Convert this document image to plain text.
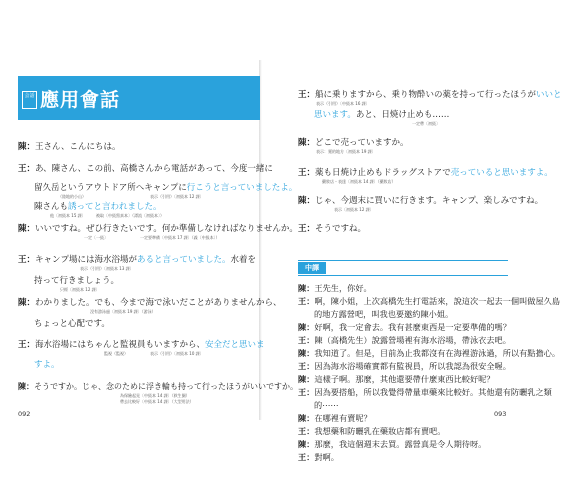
会話 應用會話
陳：王さん、こんにちは。
王：あ、陳さん、この前、高橋さんから電話があって、今度一緒に
留久岳というアウトドア所へキャンプに行こうと言っていましたよ。
（陸地的小山）	表示（引用）〔初級本 12 課〕
陳さんも誘ってと言われました。
他〔初級本 15 課〕	被取〔中級寫真本〕（漂流〔初級本〕）
陳：いいですね。ぜひ行きたいです。何か準備しなければなりませんか。
一定〔一級〕	一定要準備〔中級本 17 課〕（義〔中級本〕）
王：キャンプ場には海水浴場があると言っていました。水着を
表示（引用）〔初級本 13 課〕
持って行きましょう。
只經〔初級本 12 課〕
陳：わかりました。でも、今まで海で泳いだことがありませんから、
沒有游泳過〔初級本 19 課〕（游泳）
ちょっと心配です。
王：海水浴場にはちゃんと監視員もいますから、安全だと思いま
監視（監視）	表示（引用）〔初級本 10 課〕
すよ。
陳：そうですか。じゃ、念のために浮き輪も持って行ったほうがいいですか。
為保險起見〔中級本 14 課〕（救生圈）
帶去比較好〔中級本 14 課〕（大型用法）
092
王：船に乗りますから、乗り物酔いの薬を持って行ったほうがいいと
表示（引用）〔中級本 16 課〕
思います。あと、日焼け止めも……
一定帶〔初級〕
陳：どこで売っていますか。
表示：賣的地方〔初級本 19 課〕
王：薬も日焼け止めもドラッグストアで売っていると思いますよ。
藥妝店・表達〔初級本 14 課〕（藥妝店）
陳：じゃ、今週末に買いに行きます。キャンプ、楽しみですね。
表示〔初級本 12 課〕
王：そうですね。
中譯
陳：王先生，你好。
王：啊，陳小姐，上次高橋先生打電話來，說這次一起去一個叫做屋久島
的地方露營吧，叫我也要邀約陳小姐。
陳：好啊，我一定會去。我有甚麼東西是一定要準備的嗎？
王：陳（高橋先生）說露營場裡有海水浴場，帶泳衣去吧。
陳：我知道了。但是，目前為止我都沒有在海裡游泳過，所以有點擔心。
王：因為海水浴場確實都有監視員，所以我認為很安全喔。
陳：這樣子啊。那麼，其他還要帶什麼東西比較好呢？
王：因為要搭船，所以我覺得帶量車藥來比較好。其他還有防曬乳之類
的⋯⋯
陳：在哪裡有賣呢？
王：我想藥和防曬乳在藥妝店都有賣吧。
陳：那麼，我這個週末去買。露營真是令人期待呀。
王：對啊。
093
